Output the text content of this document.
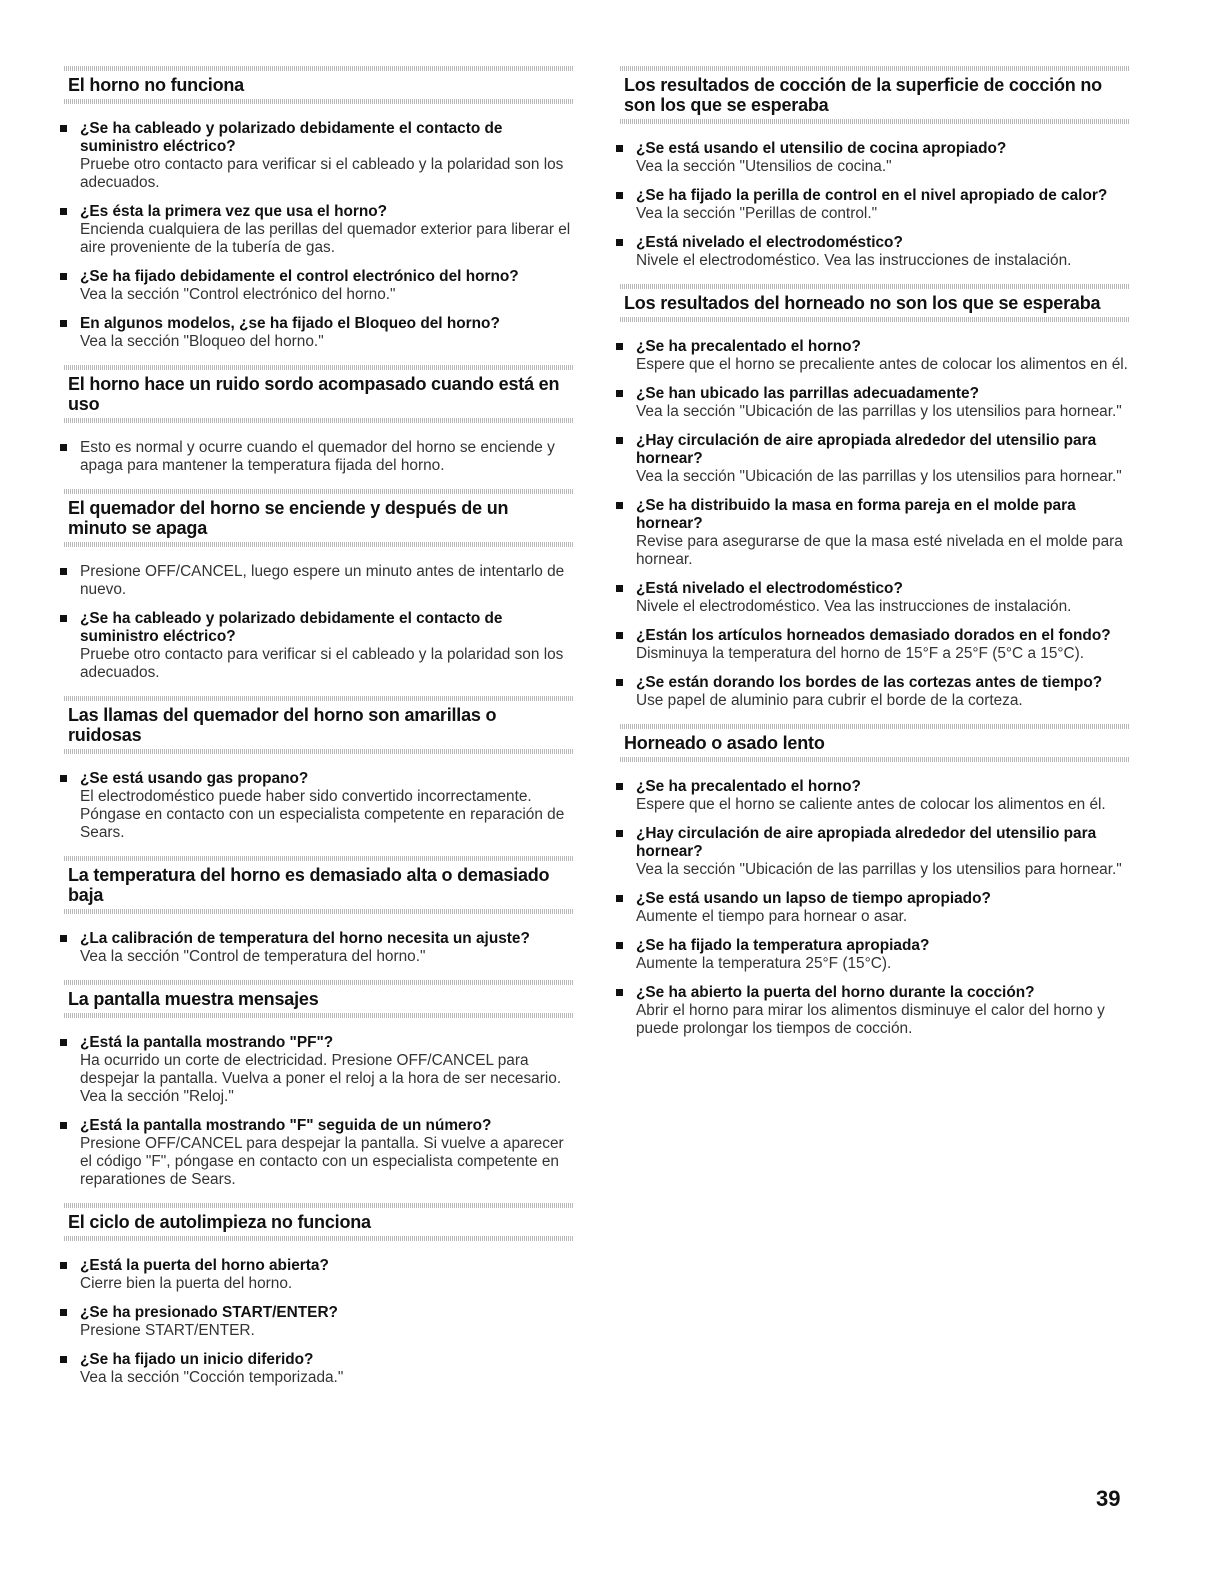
El horno no funciona
¿Se ha cableado y polarizado debidamente el contacto de suministro eléctrico?
Pruebe otro contacto para verificar si el cableado y la polaridad son los adecuados.
¿Es ésta la primera vez que usa el horno?
Encienda cualquiera de las perillas del quemador exterior para liberar el aire proveniente de la tubería de gas.
¿Se ha fijado debidamente el control electrónico del horno?
Vea la sección "Control electrónico del horno."
En algunos modelos, ¿se ha fijado el Bloqueo del horno?
Vea la sección "Bloqueo del horno."
El horno hace un ruido sordo acompasado cuando está en uso
Esto es normal y ocurre cuando el quemador del horno se enciende y apaga para mantener la temperatura fijada del horno.
El quemador del horno se enciende y después de un minuto se apaga
Presione OFF/CANCEL, luego espere un minuto antes de intentarlo de nuevo.
¿Se ha cableado y polarizado debidamente el contacto de suministro eléctrico?
Pruebe otro contacto para verificar si el cableado y la polaridad son los adecuados.
Las llamas del quemador del horno son amarillas o ruidosas
¿Se está usando gas propano?
El electrodoméstico puede haber sido convertido incorrectamente. Póngase en contacto con un especialista competente en reparación de Sears.
La temperatura del horno es demasiado alta o demasiado baja
¿La calibración de temperatura del horno necesita un ajuste?
Vea la sección "Control de temperatura del horno."
La pantalla muestra mensajes
¿Está la pantalla mostrando "PF"?
Ha ocurrido un corte de electricidad. Presione OFF/CANCEL para despejar la pantalla. Vuelva a poner el reloj a la hora de ser necesario. Vea la sección "Reloj."
¿Está la pantalla mostrando "F" seguida de un número?
Presione OFF/CANCEL para despejar la pantalla. Si vuelve a aparecer el código "F", póngase en contacto con un especialista competente en reparationes de Sears.
El ciclo de autolimpieza no funciona
¿Está la puerta del horno abierta?
Cierre bien la puerta del horno.
¿Se ha presionado START/ENTER?
Presione START/ENTER.
¿Se ha fijado un inicio diferido?
Vea la sección "Cocción temporizada."
Los resultados de cocción de la superficie de cocción no son los que se esperaba
¿Se está usando el utensilio de cocina apropiado?
Vea la sección "Utensilios de cocina."
¿Se ha fijado la perilla de control en el nivel apropiado de calor?
Vea la sección "Perillas de control."
¿Está nivelado el electrodoméstico?
Nivele el electrodoméstico. Vea las instrucciones de instalación.
Los resultados del horneado no son los que se esperaba
¿Se ha precalentado el horno?
Espere que el horno se precaliente antes de colocar los alimentos en él.
¿Se han ubicado las parrillas adecuadamente?
Vea la sección "Ubicación de las parrillas y los utensilios para hornear."
¿Hay circulación de aire apropiada alrededor del utensilio para hornear?
Vea la sección "Ubicación de las parrillas y los utensilios para hornear."
¿Se ha distribuido la masa en forma pareja en el molde para hornear?
Revise para asegurarse de que la masa esté nivelada en el molde para hornear.
¿Está nivelado el electrodoméstico?
Nivele el electrodoméstico. Vea las instrucciones de instalación.
¿Están los artículos horneados demasiado dorados en el fondo?
Disminuya la temperatura del horno de 15°F a 25°F (5°C a 15°C).
¿Se están dorando los bordes de las cortezas antes de tiempo?
Use papel de aluminio para cubrir el borde de la corteza.
Horneado o asado lento
¿Se ha precalentado el horno?
Espere que el horno se caliente antes de colocar los alimentos en él.
¿Hay circulación de aire apropiada alrededor del utensilio para hornear?
Vea la sección "Ubicación de las parrillas y los utensilios para hornear."
¿Se está usando un lapso de tiempo apropiado?
Aumente el tiempo para hornear o asar.
¿Se ha fijado la temperatura apropiada?
Aumente la temperatura 25°F (15°C).
¿Se ha abierto la puerta del horno durante la cocción?
Abrir el horno para mirar los alimentos disminuye el calor del horno y puede prolongar los tiempos de cocción.
39
